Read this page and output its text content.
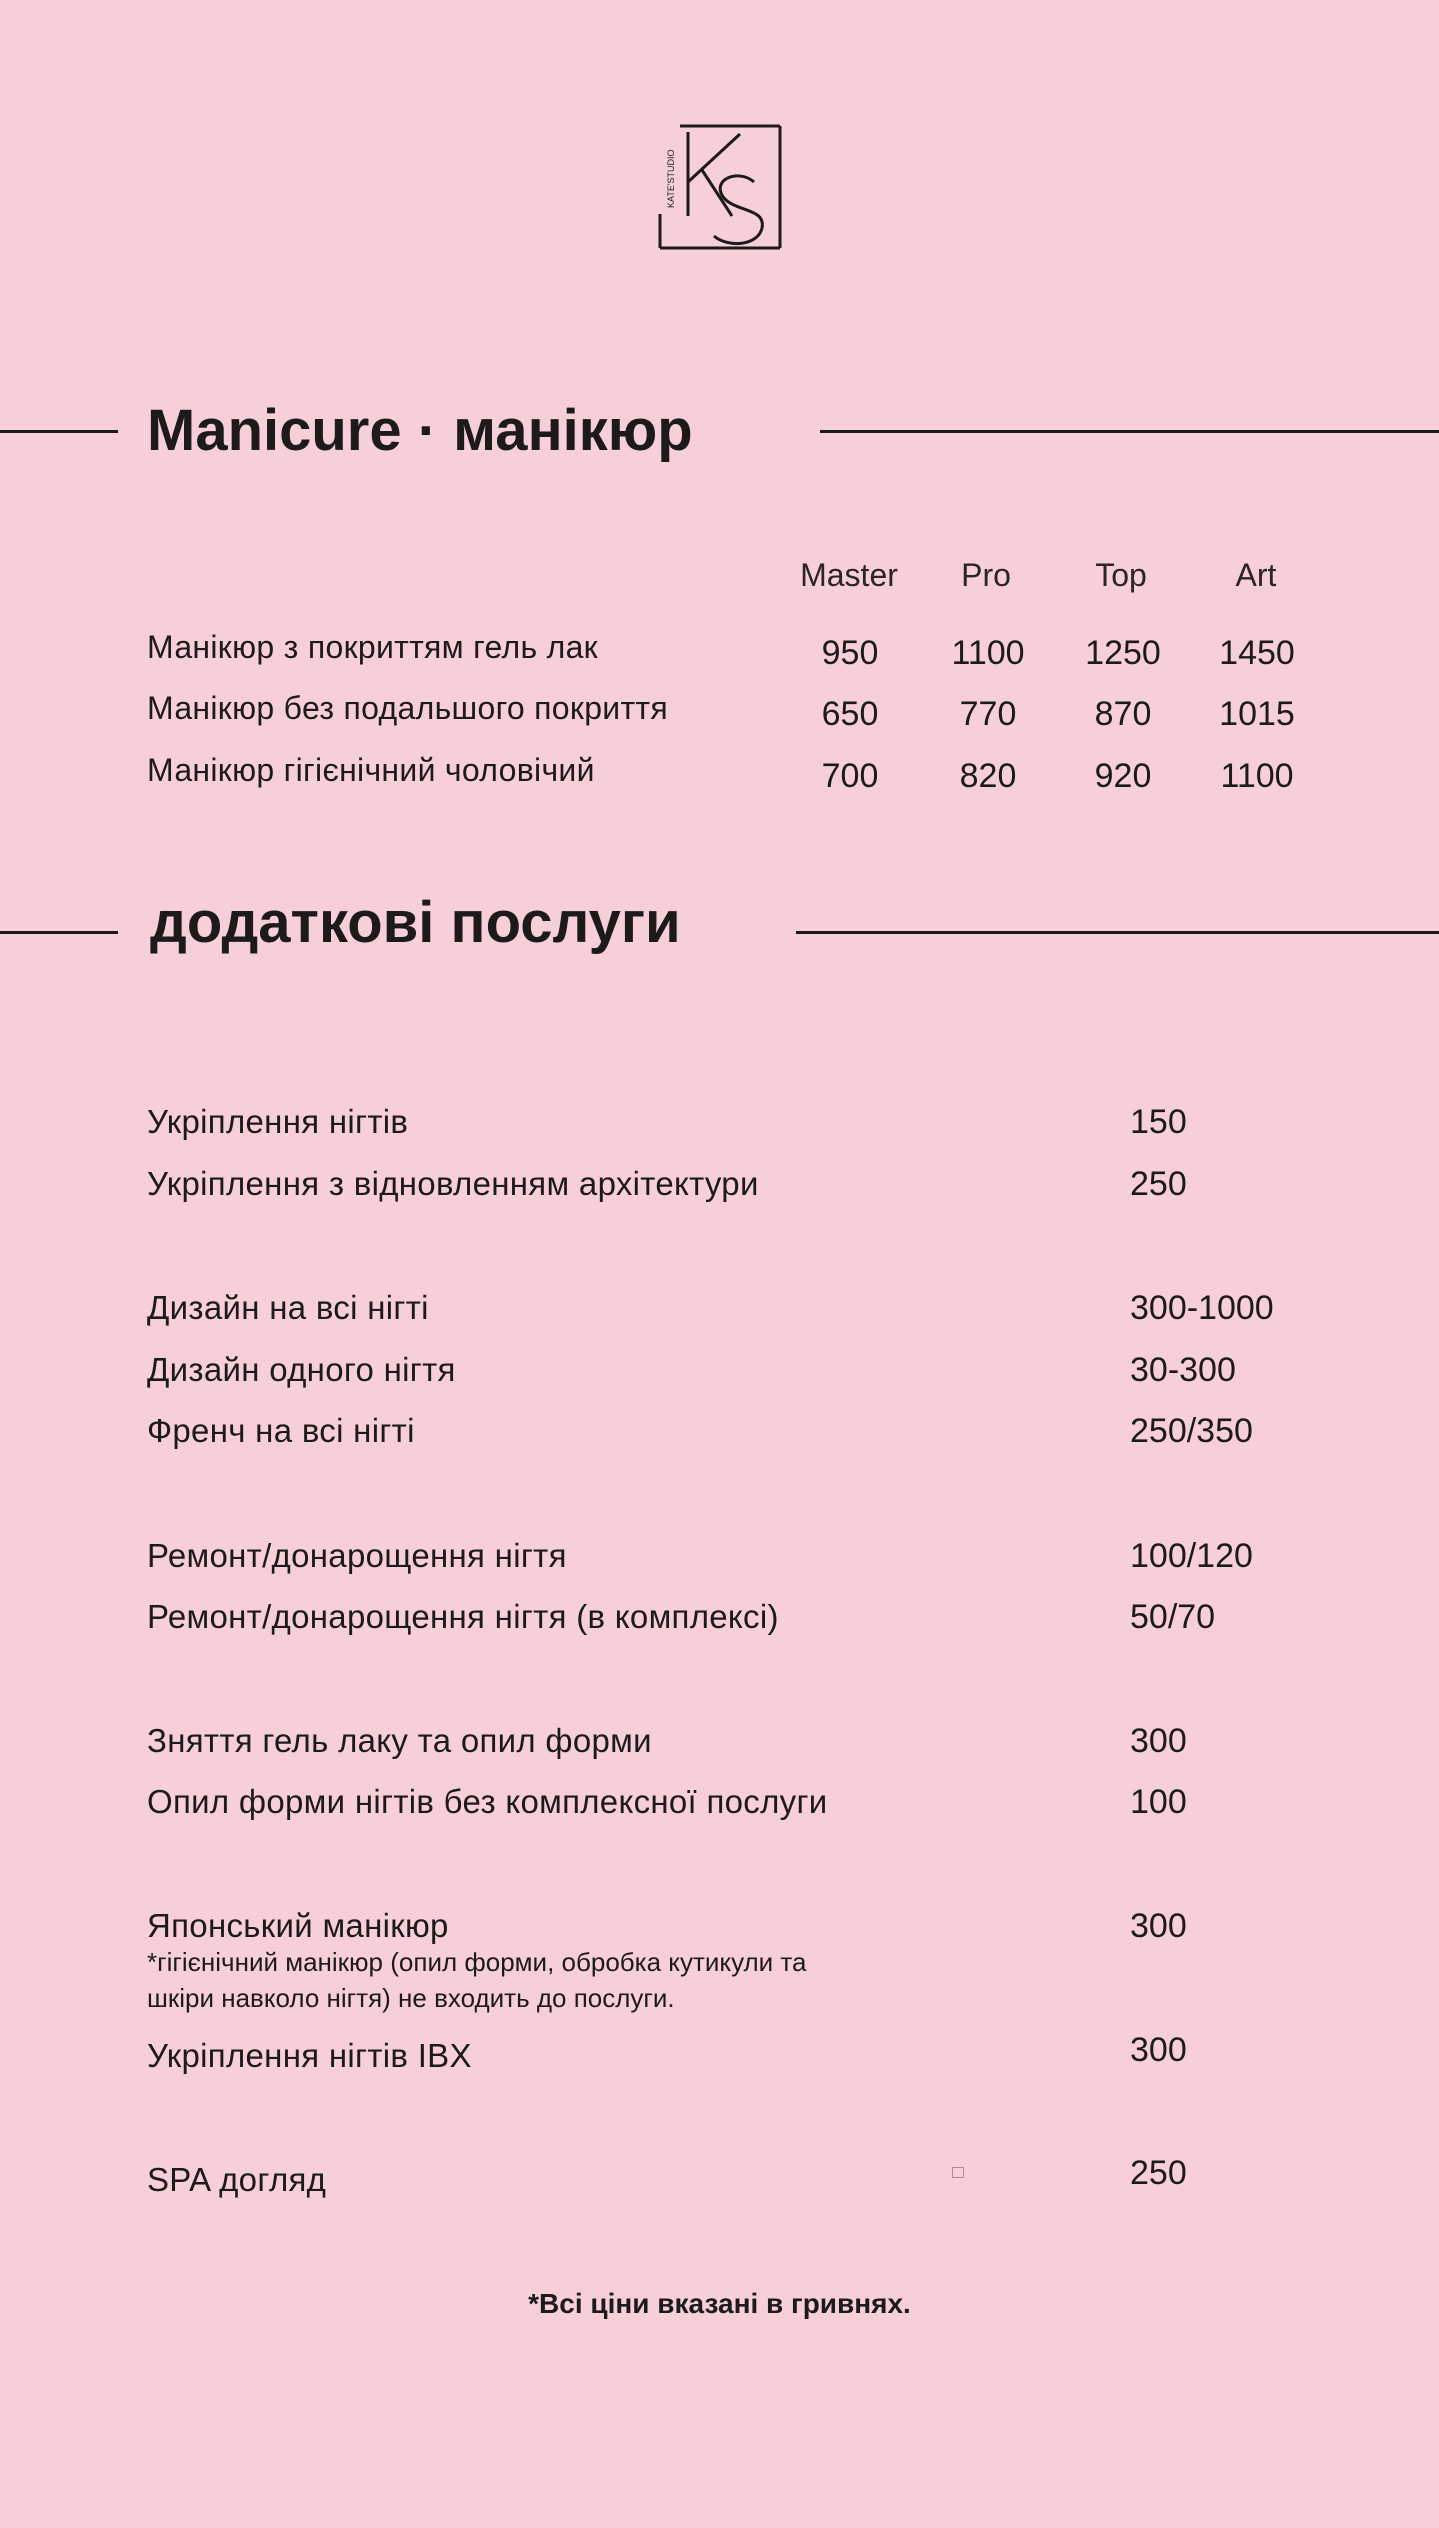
KATE'STUDIO
Manicure · манікюр
Master	Pro	Top	Art
Манікюр з покриттям гель лак	950	1100	1250	1450
Манікюр без подальшого покриття	650	770	870	1015
Манікюр гігієнічний чоловічий	700	820	920	1100
додаткові послуги
Укріплення нігтів	150
Укріплення з відновленням архітектури	250
Дизайн на всі нігті	300-1000
Дизайн одного нігтя	30-300
Френч на всі нігті	250/350
Ремонт/донарощення нігтя	100/120
Ремонт/донарощення нігтя (в комплексі)	50/70
Зняття гель лаку та опил форми	300
Опил форми нігтів без комплексної послуги	100
Японський манікюр	300
*гігієнічний манікюр (опил форми, обробка кутикули та
шкіри навколо нігтя) не входить до послуги.
Укріплення нігтів IBX	300
SPA догляд	250
*Всі ціни вказані в гривнях.
